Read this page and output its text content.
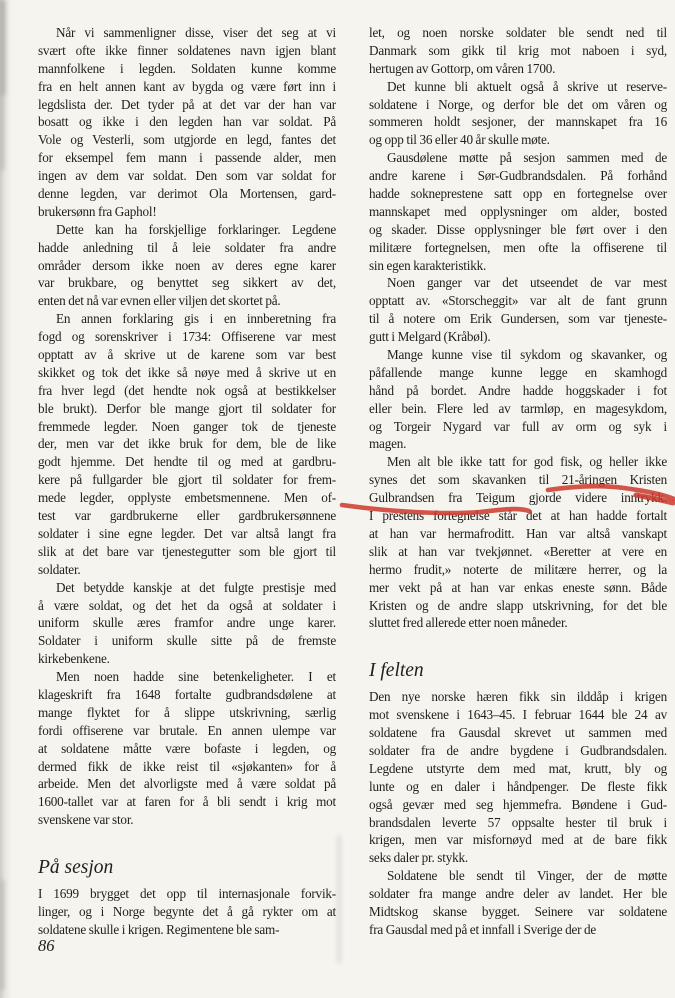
Når vi sammenligner disse, viser det seg at vi
svært ofte ikke finner soldatenes navn igjen blant
mannfolkene i legden. Soldaten kunne komme
fra en helt annen kant av bygda og være ført inn i
legdslista der. Det tyder på at det var der han var
bosatt og ikke i den legden han var soldat. På
Vole og Vesterli, som utgjorde en legd, fantes det
for eksempel fem mann i passende alder, men
ingen av dem var soldat. Den som var soldat for
denne legden, var derimot Ola Mortensen, gard-
brukersønn fra Gaphol!
Dette kan ha forskjellige forklaringer. Legdene
hadde anledning til å leie soldater fra andre
områder dersom ikke noen av deres egne karer
var brukbare, og benyttet seg sikkert av det,
enten det nå var evnen eller viljen det skortet på.
En annen forklaring gis i en innberetning fra
fogd og sorenskriver i 1734: Offiserene var mest
opptatt av å skrive ut de karene som var best
skikket og tok det ikke så nøye med å skrive ut en
fra hver legd (det hendte nok også at bestikkelser
ble brukt). Derfor ble mange gjort til soldater for
fremmede legder. Noen ganger tok de tjeneste
der, men var det ikke bruk for dem, ble de like
godt hjemme. Det hendte til og med at gardbru-
kere på fullgarder ble gjort til soldater for frem-
mede legder, opplyste embetsmennene. Men of-
test var gardbrukerne eller gardbrukersønnene
soldater i sine egne legder. Det var altså langt fra
slik at det bare var tjenestegutter som ble gjort til
soldater.
Det betydde kanskje at det fulgte prestisje med
å være soldat, og det het da også at soldater i
uniform skulle æres framfor andre unge karer.
Soldater i uniform skulle sitte på de fremste
kirkebenkene.
Men noen hadde sine betenkeligheter. I et
klageskrift fra 1648 fortalte gudbrandsdølene at
mange flyktet for å slippe utskrivning, særlig
fordi offiserene var brutale. En annen ulempe var
at soldatene måtte være bofaste i legden, og
dermed fikk de ikke reist til «sjøkanten» for å
arbeide. Men det alvorligste med å være soldat på
1600-tallet var at faren for å bli sendt i krig mot
svenskene var stor.
På sesjon
I 1699 brygget det opp til internasjonale forvik-
linger, og i Norge begynte det å gå rykter om at
soldatene skulle i krigen. Regimentene ble sam-
let, og noen norske soldater ble sendt ned til
Danmark som gikk til krig mot naboen i syd,
hertugen av Gottorp, om våren 1700.
Det kunne bli aktuelt også å skrive ut reserve-
soldatene i Norge, og derfor ble det om våren og
sommeren holdt sesjoner, der mannskapet fra 16
og opp til 36 eller 40 år skulle møte.
Gausdølene møtte på sesjon sammen med de
andre karene i Sør-Gudbrandsdalen. På forhånd
hadde sokneprestene satt opp en fortegnelse over
mannskapet med opplysninger om alder, bosted
og skader. Disse opplysninger ble ført over i den
militære fortegnelsen, men ofte la offiserene til
sin egen karakteristikk.
Noen ganger var det utseendet de var mest
opptatt av. «Storscheggit» var alt de fant grunn
til å notere om Erik Gundersen, som var tjeneste-
gutt i Melgard (Kråbøl).
Mange kunne vise til sykdom og skavanker, og
påfallende mange kunne legge en skamhogd
hånd på bordet. Andre hadde hoggskader i fot
eller bein. Flere led av tarmløp, en magesykdom,
og Torgeir Nygard var full av orm og syk i
magen.
Men alt ble ikke tatt for god fisk, og heller ikke
synes det som skavanken til 21-åringen Kristen
Gulbrandsen fra Teigum gjorde videre inntrykk.
I prestens fortegnelse står det at han hadde fortalt
at han var hermafroditt. Han var altså vanskapt
slik at han var tvekjønnet. «Beretter at vere en
hermo frudit,» noterte de militære herrer, og la
mer vekt på at han var enkas eneste sønn. Både
Kristen og de andre slapp utskrivning, for det ble
sluttet fred allerede etter noen måneder.
I felten
Den nye norske hæren fikk sin ilddåp i krigen
mot svenskene i 1643–45. I februar 1644 ble 24 av
soldatene fra Gausdal skrevet ut sammen med
soldater fra de andre bygdene i Gudbrandsdalen.
Legdene utstyrte dem med mat, krutt, bly og
lunte og en daler i håndpenger. De fleste fikk
også gevær med seg hjemmefra. Bøndene i Gud-
brandsdalen leverte 57 oppsalte hester til bruk i
krigen, men var misfornøyd med at de bare fikk
seks daler pr. stykk.
Soldatene ble sendt til Vinger, der de møtte
soldater fra mange andre deler av landet. Her ble
Midtskog skanse bygget. Seinere var soldatene
fra Gausdal med på et innfall i Sverige der de
86
